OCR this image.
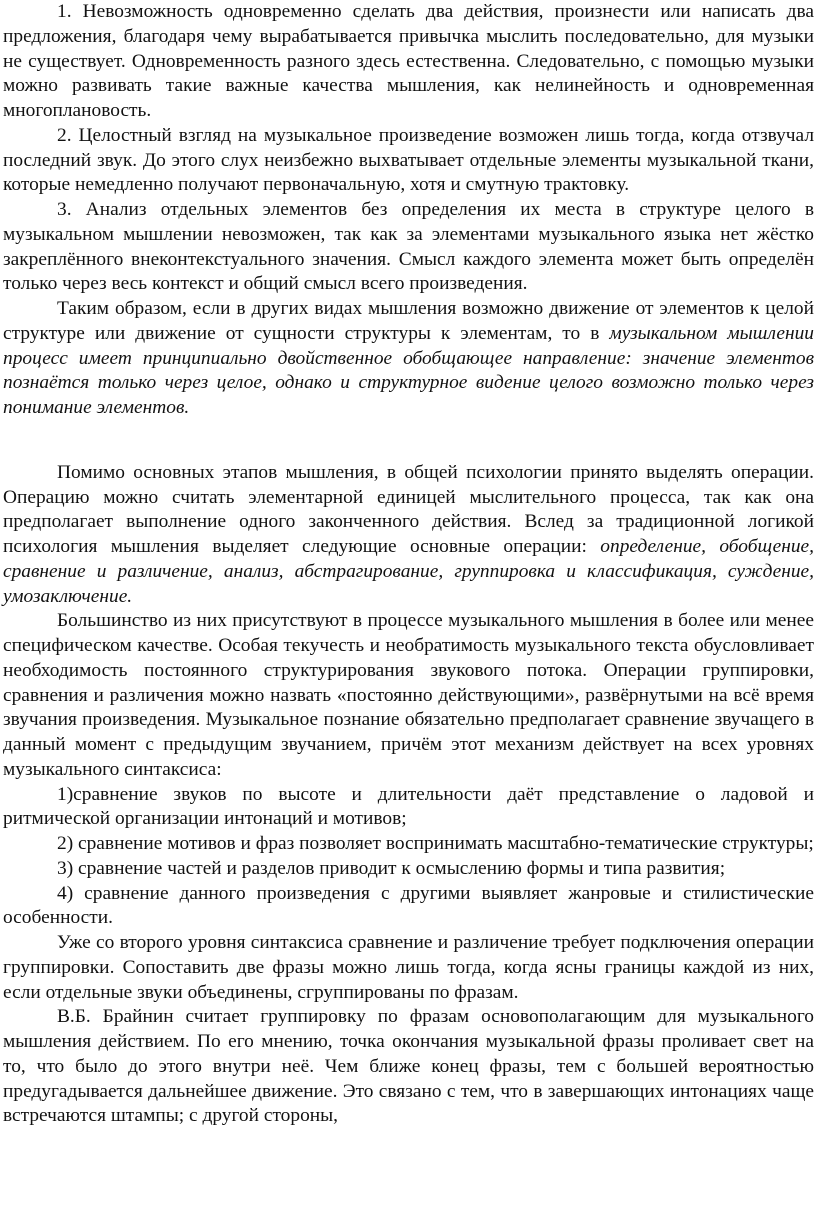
1. Невозможность одновременно сделать два действия, произнести или написать два предложения, благодаря чему вырабатывается привычка мыслить последовательно, для музыки не существует. Одновременность разного здесь естественна. Следовательно, с помощью музыки можно развивать такие важные качества мышления, как нелинейность и одновременная многоплановость.

2. Целостный взгляд на музыкальное произведение возможен лишь тогда, когда отзвучал последний звук. До этого слух неизбежно выхватывает отдельные элементы музыкальной ткани, которые немедленно получают первоначальную, хотя и смутную трактовку.

3. Анализ отдельных элементов без определения их места в структуре целого в музыкальном мышлении невозможен, так как за элементами музыкального языка нет жёстко закреплённого внеконтекстуального значения. Смысл каждого элемента может быть определён только через весь контекст и общий смысл всего произведения.

Таким образом, если в других видах мышления возможно движение от элементов к целой структуре или движение от сущности структуры к элементам, то в музыкальном мышлении процесс имеет принципиально двойственное обобщающее направление: значение элементов познаётся только через целое, однако и структурное видение целого возможно только через понимание элементов.

Помимо основных этапов мышления, в общей психологии принято выделять операции. Операцию можно считать элементарной единицей мыслительного процесса, так как она предполагает выполнение одного законченного действия. Вслед за традиционной логикой психология мышления выделяет следующие основные операции: определение, обобщение, сравнение и различение, анализ, абстрагирование, группировка и классификация, суждение, умозаключение.

Большинство из них присутствуют в процессе музыкального мышления в более или менее специфическом качестве. Особая текучесть и необратимость музыкального текста обусловливает необходимость постоянного структурирования звукового потока. Операции группировки, сравнения и различения можно назвать «постоянно действующими», развёрнутыми на всё время звучания произведения. Музыкальное познание обязательно предполагает сравнение звучащего в данный момент с предыдущим звучанием, причём этот механизм действует на всех уровнях музыкального синтаксиса:

1)сравнение звуков по высоте и длительности даёт представление о ладовой и ритмической организации интонаций и мотивов;

2) сравнение мотивов и фраз позволяет воспринимать масштабно-тематические структуры;

3) сравнение частей и разделов приводит к осмыслению формы и типа развития;

4) сравнение данного произведения с другими выявляет жанровые и стилистические особенности.

Уже со второго уровня синтаксиса сравнение и различение требует подключения операции группировки. Сопоставить две фразы можно лишь тогда, когда ясны границы каждой из них, если отдельные звуки объединены, сгруппированы по фразам.

В.Б. Брайнин считает группировку по фразам основополагающим для музыкального мышления действием. По его мнению, точка окончания музыкальной фразы проливает свет на то, что было до этого внутри неё. Чем ближе конец фразы, тем с большей вероятностью предугадывается дальнейшее движение. Это связано с тем, что в завершающих интонациях чаще встречаются штампы; с другой стороны,
